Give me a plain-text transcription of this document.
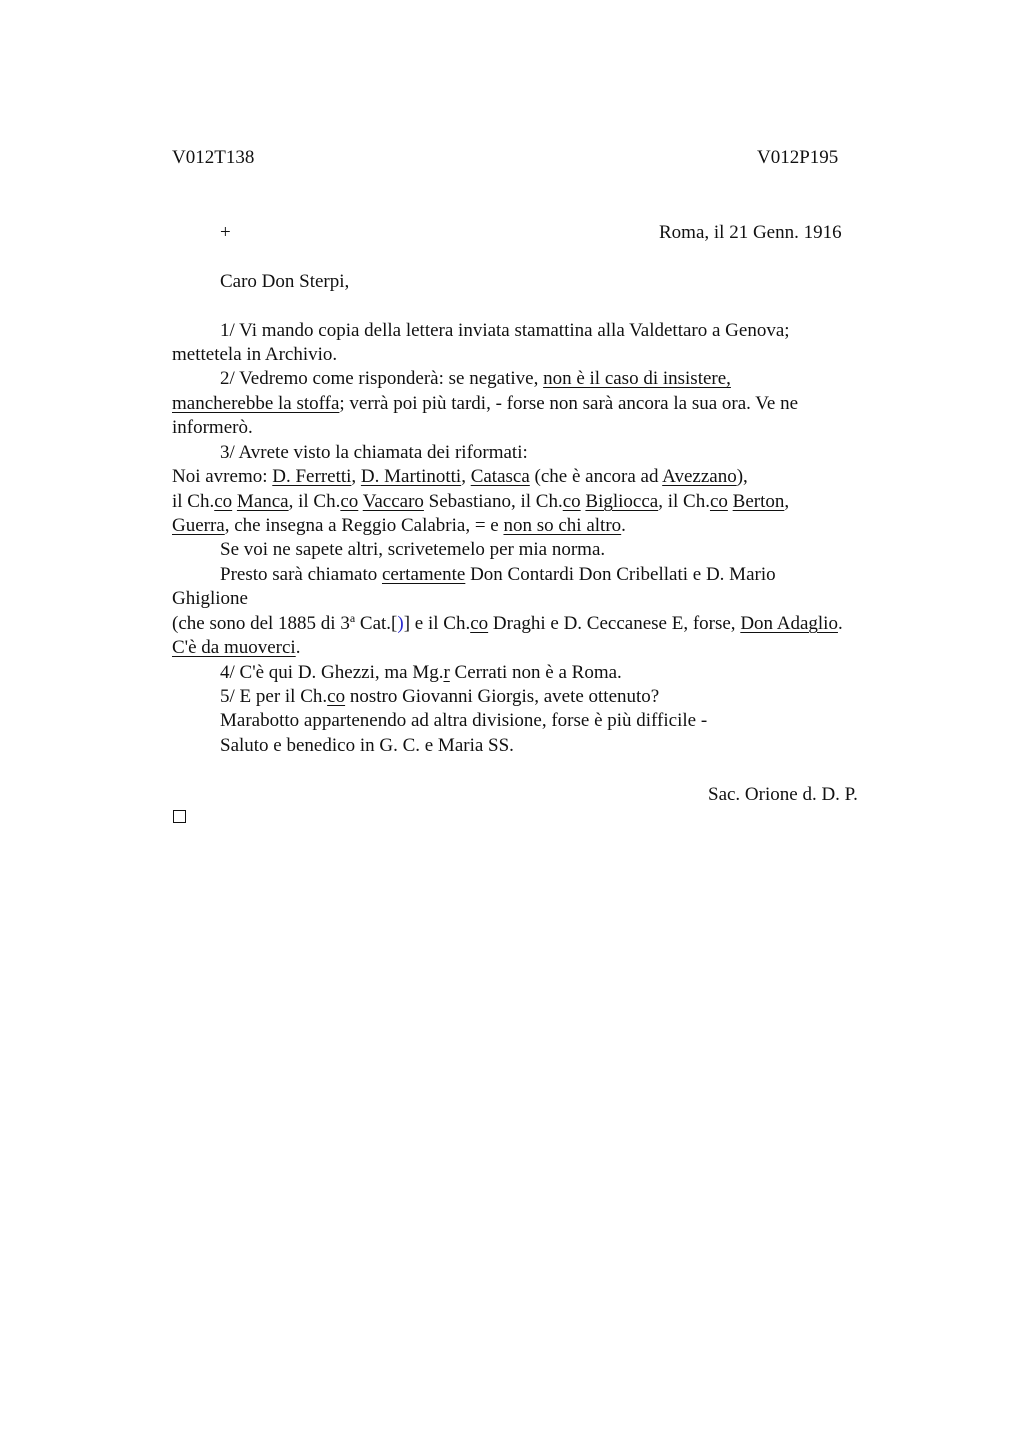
V012T138	V012P195
+	Roma, il 21 Genn. 1916
Caro Don Sterpi,
1/ Vi mando copia della lettera inviata stamattina alla Valdettaro a Genova;
mettetela in Archivio.
2/ Vedremo come risponderà: se negative, non è il caso di insistere,
mancherebbe la stoffa; verrà poi più tardi, - forse non sarà ancora la sua ora. Ve ne
informerò.
3/ Avrete visto la chiamata dei riformati:
Noi avremo: D. Ferretti, D. Martinotti, Catasca (che è ancora ad Avezzano),
il Ch.co Manca, il Ch.co Vaccaro Sebastiano, il Ch.co Bigliocca, il Ch.co Berton,
Guerra, che insegna a Reggio Calabria, = e non so chi altro.
Se voi ne sapete altri, scrivetemelo per mia norma.
Presto sarà chiamato certamente Don Contardi Don Cribellati e D. Mario
Ghiglione
(che sono del 1885 di 3$^a$ Cat.[)] e il Ch.co Draghi e D. Ceccanese E, forse, Don Adaglio.
C'è da muoverci.
4/ C'è qui D. Ghezzi, ma Mg.r Cerrati non è a Roma.
5/ E per il Ch.co nostro Giovanni Giorgis, avete ottenuto?
Marabotto appartenendo ad altra divisione, forse è più difficile -
Saluto e benedico in G. C. e Maria SS.
Sac. Orione d. D. P.
